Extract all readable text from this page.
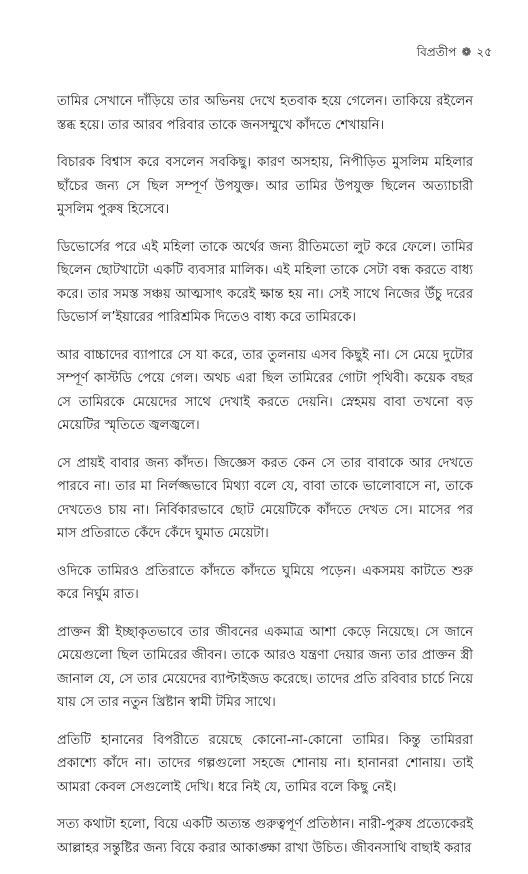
বিপ্রতীপ ❁ ২৫

তামির সেখানে দাঁড়িয়ে তার অভিনয় দেখে হতবাক হয়ে গেলেন। তাকিয়ে রইলেন স্তব্ধ হয়ে। তার আরব পরিবার তাকে জনসম্মুখে কাঁদতে শেখায়নি।

বিচারক বিশ্বাস করে বসলেন সবকিছু। কারণ অসহায়, নিপীড়িত মুসলিম মহিলার ছাঁচের জন্য সে ছিল সম্পূর্ণ উপযুক্ত। আর তামির উপযুক্ত ছিলেন অত্যাচারী মুসলিম পুরুষ হিসেবে।

ডিভোর্সের পরে এই মহিলা তাকে অর্থের জন্য রীতিমতো লুট করে ফেলে। তামির ছিলেন ছোটখাটো একটি ব্যবসার মালিক। এই মহিলা তাকে সেটা বন্ধ করতে বাধ্য করে। তার সমস্ত সঞ্চয় আত্মসাৎ করেই ক্ষান্ত হয় না। সেই সাথে নিজের উঁচু দরের ডিভোর্স ল’ইয়ারের পারিশ্রমিক দিতেও বাধ্য করে তামিরকে।

আর বাচ্চাদের ব্যাপারে সে যা করে, তার তুলনায় এসব কিছুই না। সে মেয়ে দুটোর সম্পূর্ণ কাস্টডি পেয়ে গেল। অথচ এরা ছিল তামিরের গোটা পৃথিবী। কয়েক বছর সে তামিরকে মেয়েদের সাথে দেখাই করতে দেয়নি। স্নেহময় বাবা তখনো বড় মেয়েটির স্মৃতিতে জ্বলজ্বলে।

সে প্রায়ই বাবার জন্য কাঁদত। জিজ্ঞেস করত কেন সে তার বাবাকে আর দেখতে পারবে না। তার মা নির্লজ্জভাবে মিথ্যা বলে যে, বাবা তাকে ভালোবাসে না, তাকে দেখতেও চায় না। নির্বিকারভাবে ছোট মেয়েটিকে কাঁদতে দেখত সে। মাসের পর মাস প্রতিরাতে কেঁদে কেঁদে ঘুমাত মেয়েটা।

ওদিকে তামিরও প্রতিরাতে কাঁদতে কাঁদতে ঘুমিয়ে পড়েন। একসময় কাটতে শুরু করে নির্ঘুম রাত।

প্রাক্তন স্ত্রী ইচ্ছাকৃতভাবে তার জীবনের একমাত্র আশা কেড়ে নিয়েছে। সে জানে মেয়েগুলো ছিল তামিরের জীবন। তাকে আরও যন্ত্রণা দেয়ার জন্য তার প্রাক্তন স্ত্রী জানাল যে, সে তার মেয়েদের ব্যাপ্টাইজড করেছে। তাদের প্রতি রবিবার চার্চে নিয়ে যায় সে তার নতুন খ্রিষ্টান স্বামী টমির সাথে।

প্রতিটি হানানের বিপরীতে রয়েছে কোনো-না-কোনো তামির। কিন্তু তামিররা প্রকাশ্যে কাঁদে না। তাদের গল্পগুলো সহজে শোনায় না। হানানরা শোনায়। তাই আমরা কেবল সেগুলোই দেখি। ধরে নিই যে, তামির বলে কিছু নেই।

সত্য কথাটা হলো, বিয়ে একটি অত্যন্ত গুরুত্বপূর্ণ প্রতিষ্ঠান। নারী-পুরুষ প্রত্যেকেরই আল্লাহর সন্তুষ্টির জন্য বিয়ে করার আকাঙ্ক্ষা রাখা উচিত। জীবনসাথি বাছাই করার
